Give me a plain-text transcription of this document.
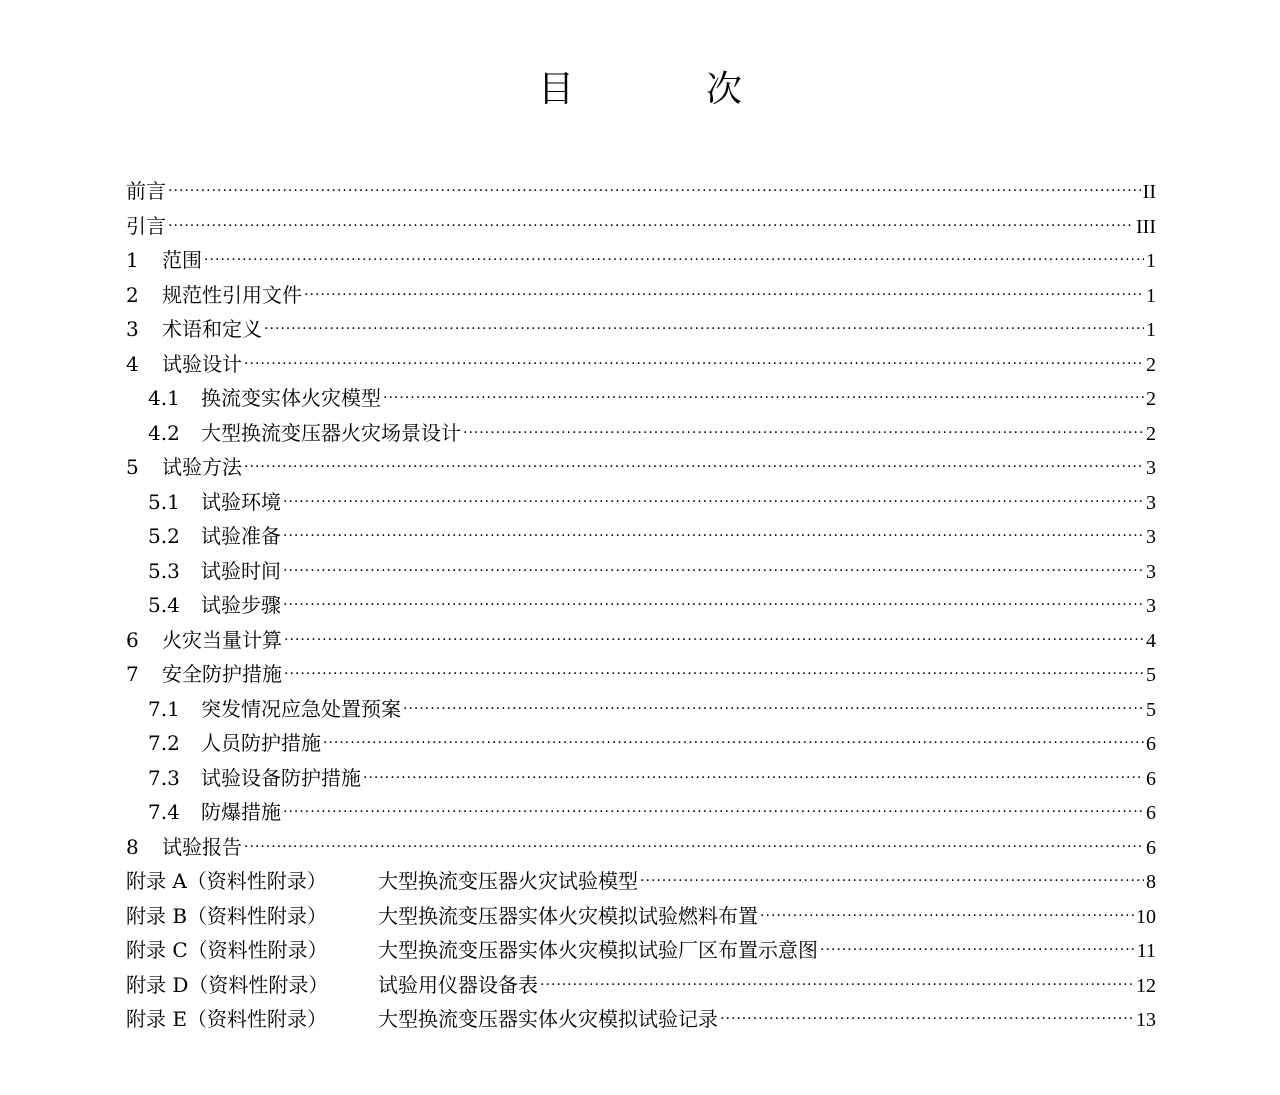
目　次
前言 .....	II
引言 .....	III
1	范围 .....	1
2	规范性引用文件 .....	1
3	术语和定义 .....	1
4	试验设计 .....	2
4.1	换流变实体火灾模型 .....	2
4.2	大型换流变压器火灾场景设计 .....	2
5	试验方法 .....	3
5.1	试验环境 .....	3
5.2	试验准备 .....	3
5.3	试验时间 .....	3
5.4	试验步骤 .....	3
6	火灾当量计算 .....	4
7	安全防护措施 .....	5
7.1	突发情况应急处置预案 .....	5
7.2	人员防护措施 .....	6
7.3	试验设备防护措施 .....	6
7.4	防爆措施 .....	6
8	试验报告 .....	6
附录 A（资料性附录）	大型换流变压器火灾试验模型 .....	8
附录 B（资料性附录）	大型换流变压器实体火灾模拟试验燃料布置 .....	10
附录 C（资料性附录）	大型换流变压器实体火灾模拟试验厂区布置示意图 .....	11
附录 D（资料性附录）	试验用仪器设备表 .....	12
附录 E（资料性附录）	大型换流变压器实体火灾模拟试验记录 .....	13
